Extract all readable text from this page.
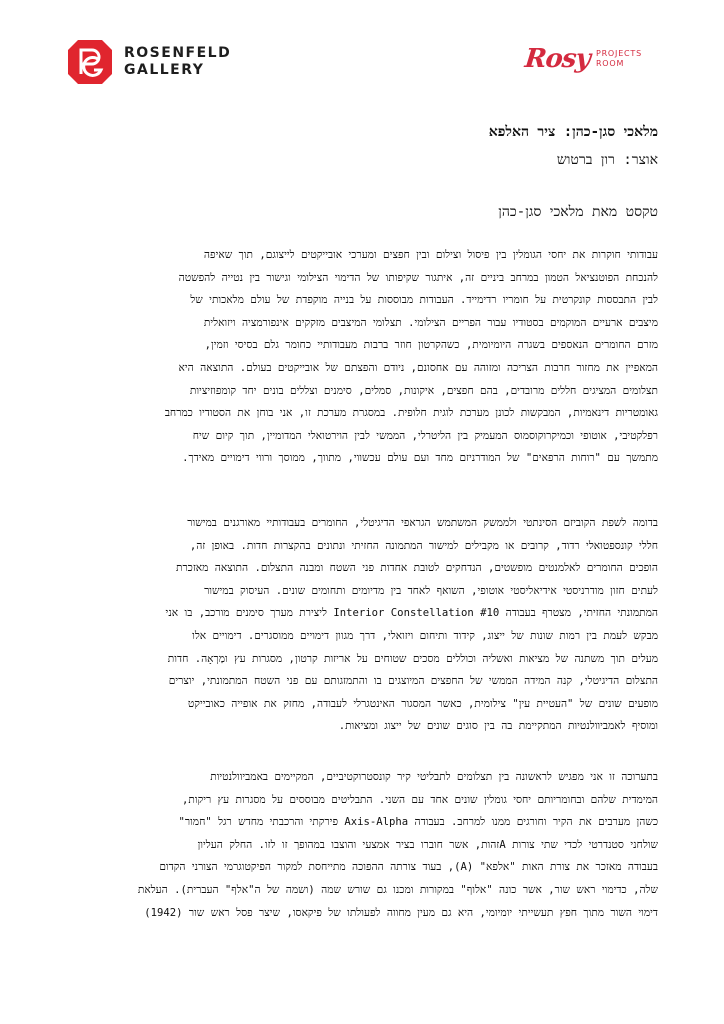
ROSENFELD
GALLERY	Rosy PROJECTS
ROOM
מלאכי סגן-כהן: ציר האלפא
אוצר: רון ברטוש
טקסט מאת מלאכי סגן-כהן
עבודותי חוקרות את יחסי הגומלין בין פיסול וצילום ובין חפצים ומערכי אובייקטים לייצוגם, תוך שאיפה
להנכחת הפוטנציאל הטמון במרחב ביניים זה, איתגור שקיפותו של הדימוי הצילומי וגישור בין נטייה להפשטה
לבין התבססות קונקרטית על חומריו רדימייד. העבודות מבוססות על בנייה מוקפדת של עולם מלאכותי של
מיצבים ארעיים המוקמים בסטודיו עבור הפריים הצילומי. תצלומי המיצבים מזקקים אינפורמציה ויזואלית
מזרם החומרים הנאספים בשגרה היומיומית, כשהקרטון חוזר ברבות מעבודותיי כחומר גלם בסיסי וזמין,
המאפיין את מחזור חרבות הצריכה ומזוהה עם אחסונם, ניודם והפצתם של אובייקטים בעולם. התוצאה היא
תצלומים המציגים חללים מרובדים, בהם חפצים, איקונות, סמלים, סימנים וצללים בונים יחד קומפוזיציות
גאומטריות דינאמיות, המבקשות לכונן מערכת לוגית חלופית. במסגרת מערכת זו, אני בוחן את הסטודיו כמרחב
רפלקטיבי, אוטופי וכמיקרוקוסמוס המעמיק בין הליטרלי, הממשי לבין הוירטואלי המדומיין, תוך קיום שיח
מתמשך עם "רוחות הרפאים" של המודרניזם מחד ועם עולם עכשווי, מתווך, ממוסך ורווי דימויים מאידך.
בדומה לשפת הקוביזם הסינתטי ולממשק המשתמש הגראפי הדיגיטלי, החומרים בעבודותיי מאורגנים במישור
חללי קונספטואלי רדוד, קרובים או מקבילים למישור המתמונה החזיתי ונתונים בהקצרות חדות. באופן זה,
הופכים החומרים לאלמנטים מופשטים, הנדחקים לטובת אחדות פני השטח ומבנה התצלום. התוצאה מאזכרת
לעתים חזון מודרניסטי אידיאליסטי אוטופי, השואף לאחד בין מדיומים ותחומים שונים. העיסוק במישור
המתמונתי החזיתי, מצטרף בעבודה Interior Constellation #10 ליצירת מערך סימנים מורכב, בו אני
מבקש לעמת בין רמות שונות של ייצוג, קידוד ותיחום ויזואלי, דרך מגוון דימויים ממוסגרים. דימויים אלו
מעלים תוך משתנה של מציאות ואשליה וכוללים מסכים שטוחים על אריזות קרטון, מסגרות עץ ומַרְאָה. חדות
התצלום הדיגיטלי, קנה המידה הממשי של החפצים המיוצגים בו והתמזגותם עם פני השטח המתמונתי, יוצרים
מופעים שונים של "העטיית עין" צילומית, כאשר המסגור האינטגרלי לעבודה, מחזק את אופייה כאובייקט
ומוסיף לאמביוולנטיות המתקיימת בה בין סוגים שונים של ייצוג ומציאות.
בתערוכה זו אני מפגיש לראשונה בין תצלומים לתבליטי קיר קונסטרוקטיביים, המקיימים באמביוולנטיות
המימדית שלהם ובחומריותם יחסי גומלין שונים אחד עם השני. התבליטים מבוססים על מסגרות עץ ריקות,
כשהן מערבים את הקיר וחורגים ממנו למרחב. בעבודה Axis-Alpha פירקתי והרכבתי מחדש רגל "חמור"
שולחני סטנדרטי לכדי שתי צורות Aזהות, אשר חוברו בציר אמצעי והוצבו במהופך זו לזו. החלק העליון
בעבודה מאזכר את צורת האות "אלפא" (A), בעוד צורתה ההפוכה מתייחסת למקור הפיקטוגרמי הצורני הקדום
שלה, כדימוי ראש שור, אשר כונה "אלוף" במקורות ומכנו גם שורש שמה (ושמה של ה"אלף" העברית). העלאת
דימוי השור מתוך חפץ תעשייתי יומיומי, היא גם מעין מחווה לפעולתו של פיקאסו, שיצר פסל ראש שור (1942)
